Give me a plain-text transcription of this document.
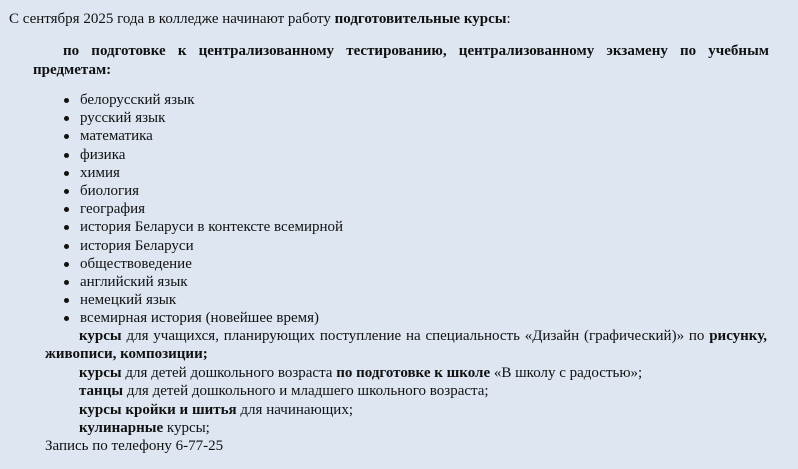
С сентября 2025 года в колледже начинают работу подготовительные курсы:
по подготовке к централизованному тестированию, централизованному экзамену по учебным предметам:
белорусский язык
русский язык
математика
физика
химия
биология
география
история Беларуси в контексте всемирной
история Беларуси
обществоведение
английский язык
немецкий язык
всемирная история (новейшее время)

курсы для учащихся, планирующих поступление на специальность «Дизайн (графический)» по рисунку, живописи, композиции;

курсы для детей дошкольного возраста по подготовке к школе «В школу с радостью»;

танцы для детей дошкольного и младшего школьного возраста;

курсы кройки и шитья для начинающих;

кулинарные курсы;

Запись по телефону 6-77-25
